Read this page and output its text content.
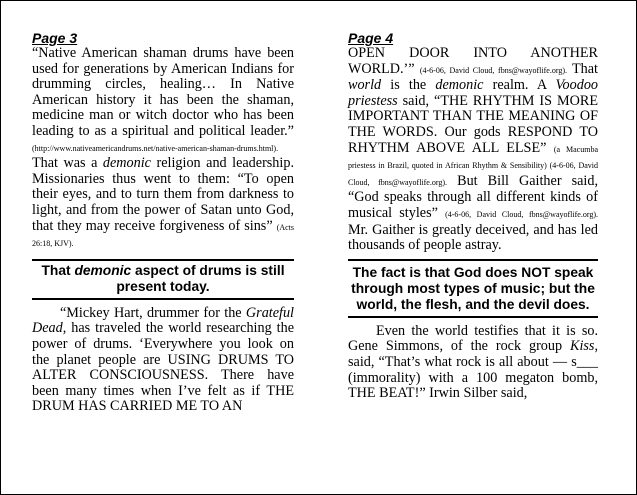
Page 3

“Native American shaman drums have been used for generations by American Indians for drumming circles, healing… In Native American history it has been the shaman, medicine man or witch doctor who has been leading to as a spiritual and political leader.” (http://www.nativeamericandrums.net/native-american-shaman-drums.html). That was a demonic religion and leadership. Missionaries thus went to them: “To open their eyes, and to turn them from darkness to light, and from the power of Satan unto God, that they may receive forgiveness of sins” (Acts 26:18, KJV).

That demonic aspect of drums is still present today.

“Mickey Hart, drummer for the Grateful Dead, has traveled the world researching the power of drums. ‘Everywhere you look on the planet people are USING DRUMS TO ALTER CONSCIOUSNESS. There have been many times when I’ve felt as if THE DRUM HAS CARRIED ME TO AN

Page 4

OPEN DOOR INTO ANOTHER WORLD.’” (4-6-06, David Cloud, fbns@wayoflife.org). That world is the demonic realm. A Voodoo priestess said, “THE RHYTHM IS MORE IMPORTANT THAN THE MEANING OF THE WORDS. Our gods RESPOND TO RHYTHM ABOVE ALL ELSE” (a Macumba priestess in Brazil, quoted in African Rhythm & Sensibility) (4-6-06, David Cloud, fbns@wayoflife.org). But Bill Gaither said, “God speaks through all different kinds of musical styles” (4-6-06, David Cloud, fbns@wayoflife.org). Mr. Gaither is greatly deceived, and has led thousands of people astray.

The fact is that God does NOT speak through most types of music; but the world, the flesh, and the devil does.

Even the world testifies that it is so. Gene Simmons, of the rock group Kiss, said, “That’s what rock is all about — s___ (immorality) with a 100 megaton bomb, THE BEAT!” Irwin Silber said,
